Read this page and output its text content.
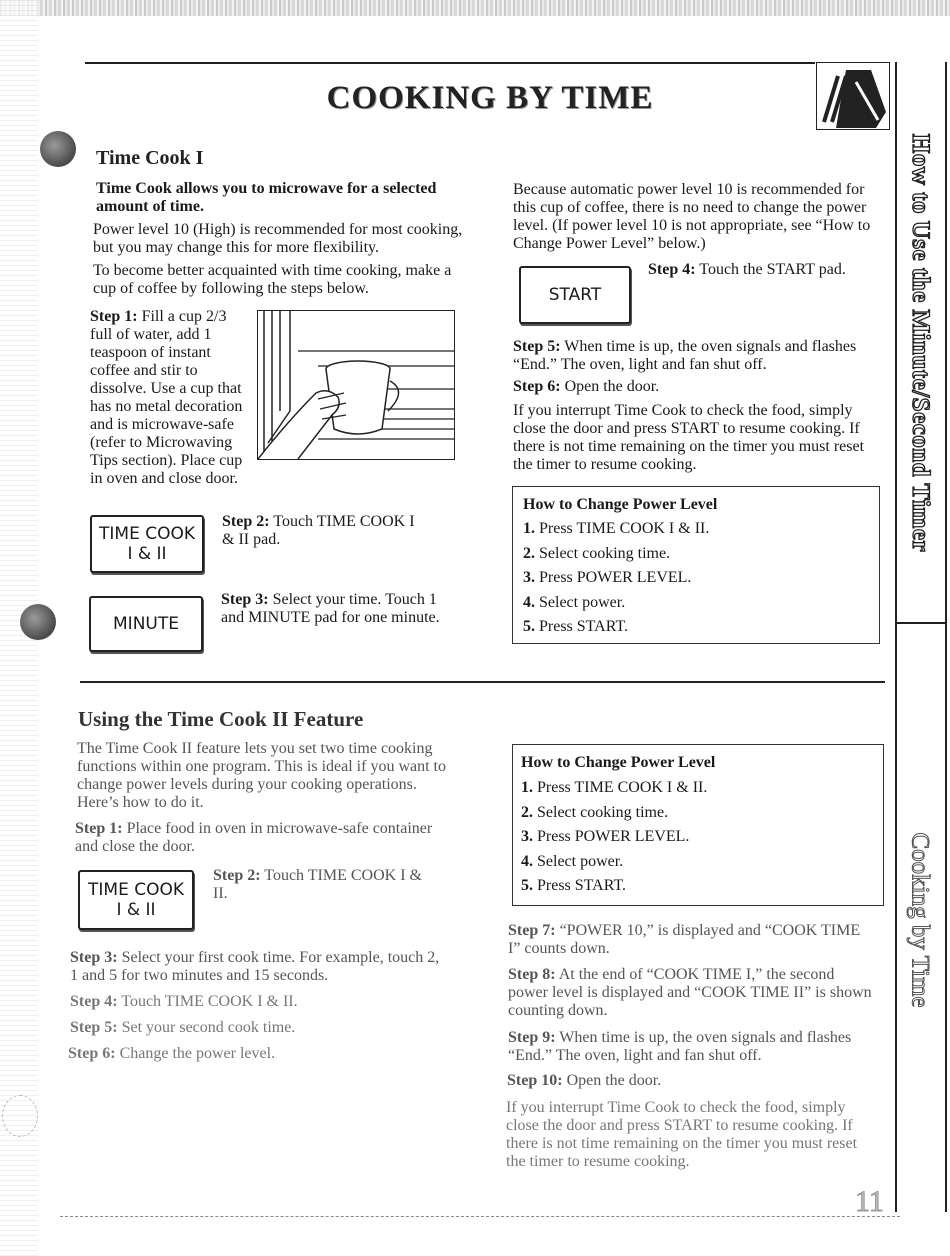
COOKING BY TIME
How to Use the Minute/Second Timer
Cooking by Time
Time Cook I
Time Cook allows you to microwave for a selected amount of time.
Power level 10 (High) is recommended for most cooking, but you may change this for more flexibility.
To become better acquainted with time cooking, make a cup of coffee by following the steps below.
Step 1: Fill a cup 2/3 full of water, add 1 teaspoon of instant coffee and stir to dissolve. Use a cup that has no metal decoration and is microwave-safe (refer to Microwaving Tips section). Place cup in oven and close door.
TIME COOK
I & II
Step 2: Touch TIME COOK I & II pad.
MINUTE
Step 3: Select your time. Touch 1 and MINUTE pad for one minute.
Because automatic power level 10 is recommended for this cup of coffee, there is no need to change the power level. (If power level 10 is not appropriate, see “How to Change Power Level” below.)
START
Step 4: Touch the START pad.
Step 5: When time is up, the oven signals and flashes “End.” The oven, light and fan shut off.
Step 6: Open the door.
If you interrupt Time Cook to check the food, simply close the door and press START to resume cooking. If there is not time remaining on the timer you must reset the timer to resume cooking.
How to Change Power Level
1. Press TIME COOK I & II.
2. Select cooking time.
3. Press POWER LEVEL.
4. Select power.
5. Press START.
Using the Time Cook II Feature
The Time Cook II feature lets you set two time cooking functions within one program. This is ideal if you want to change power levels during your cooking operations. Here’s how to do it.
Step 1: Place food in oven in microwave-safe container and close the door.
TIME COOK
I & II
Step 2: Touch TIME COOK I & II.
Step 3: Select your first cook time. For example, touch 2, 1 and 5 for two minutes and 15 seconds.
Step 4: Touch TIME COOK I & II.
Step 5: Set your second cook time.
Step 6: Change the power level.
How to Change Power Level
1. Press TIME COOK I & II.
2. Select cooking time.
3. Press POWER LEVEL.
4. Select power.
5. Press START.
Step 7: “POWER 10,” is displayed and “COOK TIME I” counts down.
Step 8: At the end of “COOK TIME I,” the second power level is displayed and “COOK TIME II” is shown counting down.
Step 9: When time is up, the oven signals and flashes “End.” The oven, light and fan shut off.
Step 10: Open the door.
If you interrupt Time Cook to check the food, simply close the door and press START to resume cooking. If there is not time remaining on the timer you must reset the timer to resume cooking.
11
